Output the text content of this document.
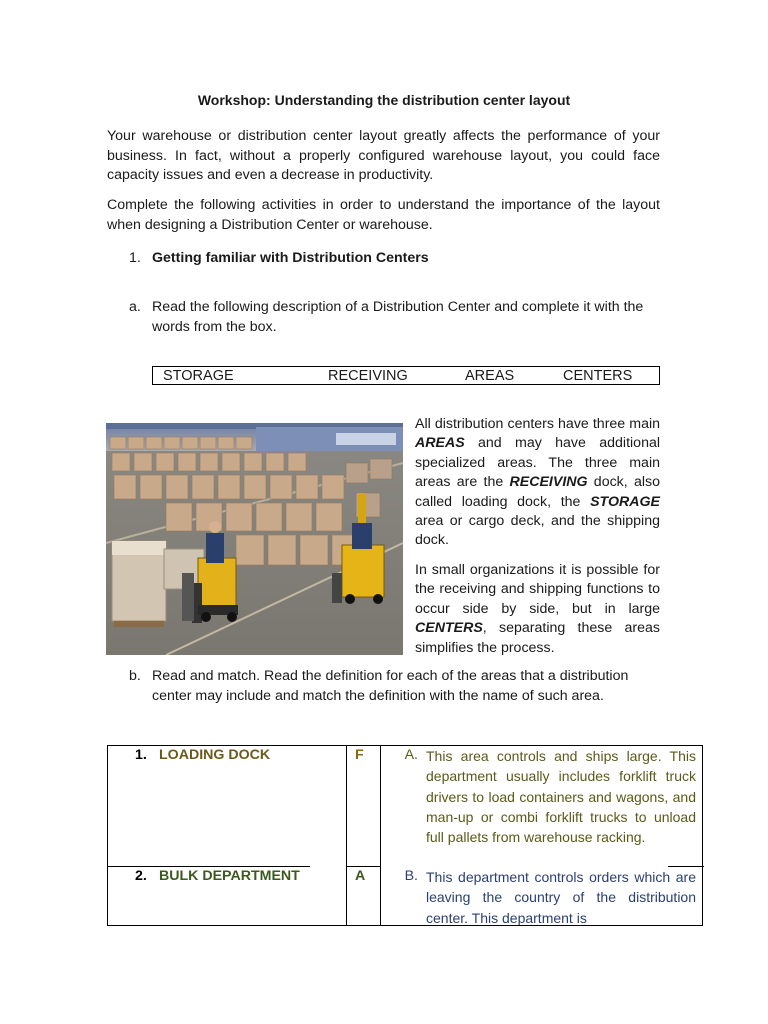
Workshop: Understanding the distribution center layout
Your warehouse or distribution center layout greatly affects the performance of your business. In fact, without a properly configured warehouse layout, you could face capacity issues and even a decrease in productivity.
Complete the following activities in order to understand the importance of the layout when designing a Distribution Center or warehouse.
1. Getting familiar with Distribution Centers
a. Read the following description of a Distribution Center and complete it with the words from the box.
STORAGE	RECEIVING	AREAS	CENTERS
All distribution centers have three main AREAS and may have additional specialized areas. The three main areas are the RECEIVING dock, also called loading dock, the STORAGE area or cargo deck, and the shipping dock.
In small organizations it is possible for the receiving and shipping functions to occur side by side, but in large CENTERS, separating these areas simplifies the process.
b. Read and match. Read the definition for each of the areas that a distribution center may include and match the definition with the name of such area.
1. LOADING DOCK	F	A. This area controls and ships large. This department usually includes forklift truck drivers to load containers and wagons, and man-up or combi forklift trucks to unload full pallets from warehouse racking.
2. BULK DEPARTMENT	A	B. This department controls orders which are leaving the country of the distribution center. This department is
